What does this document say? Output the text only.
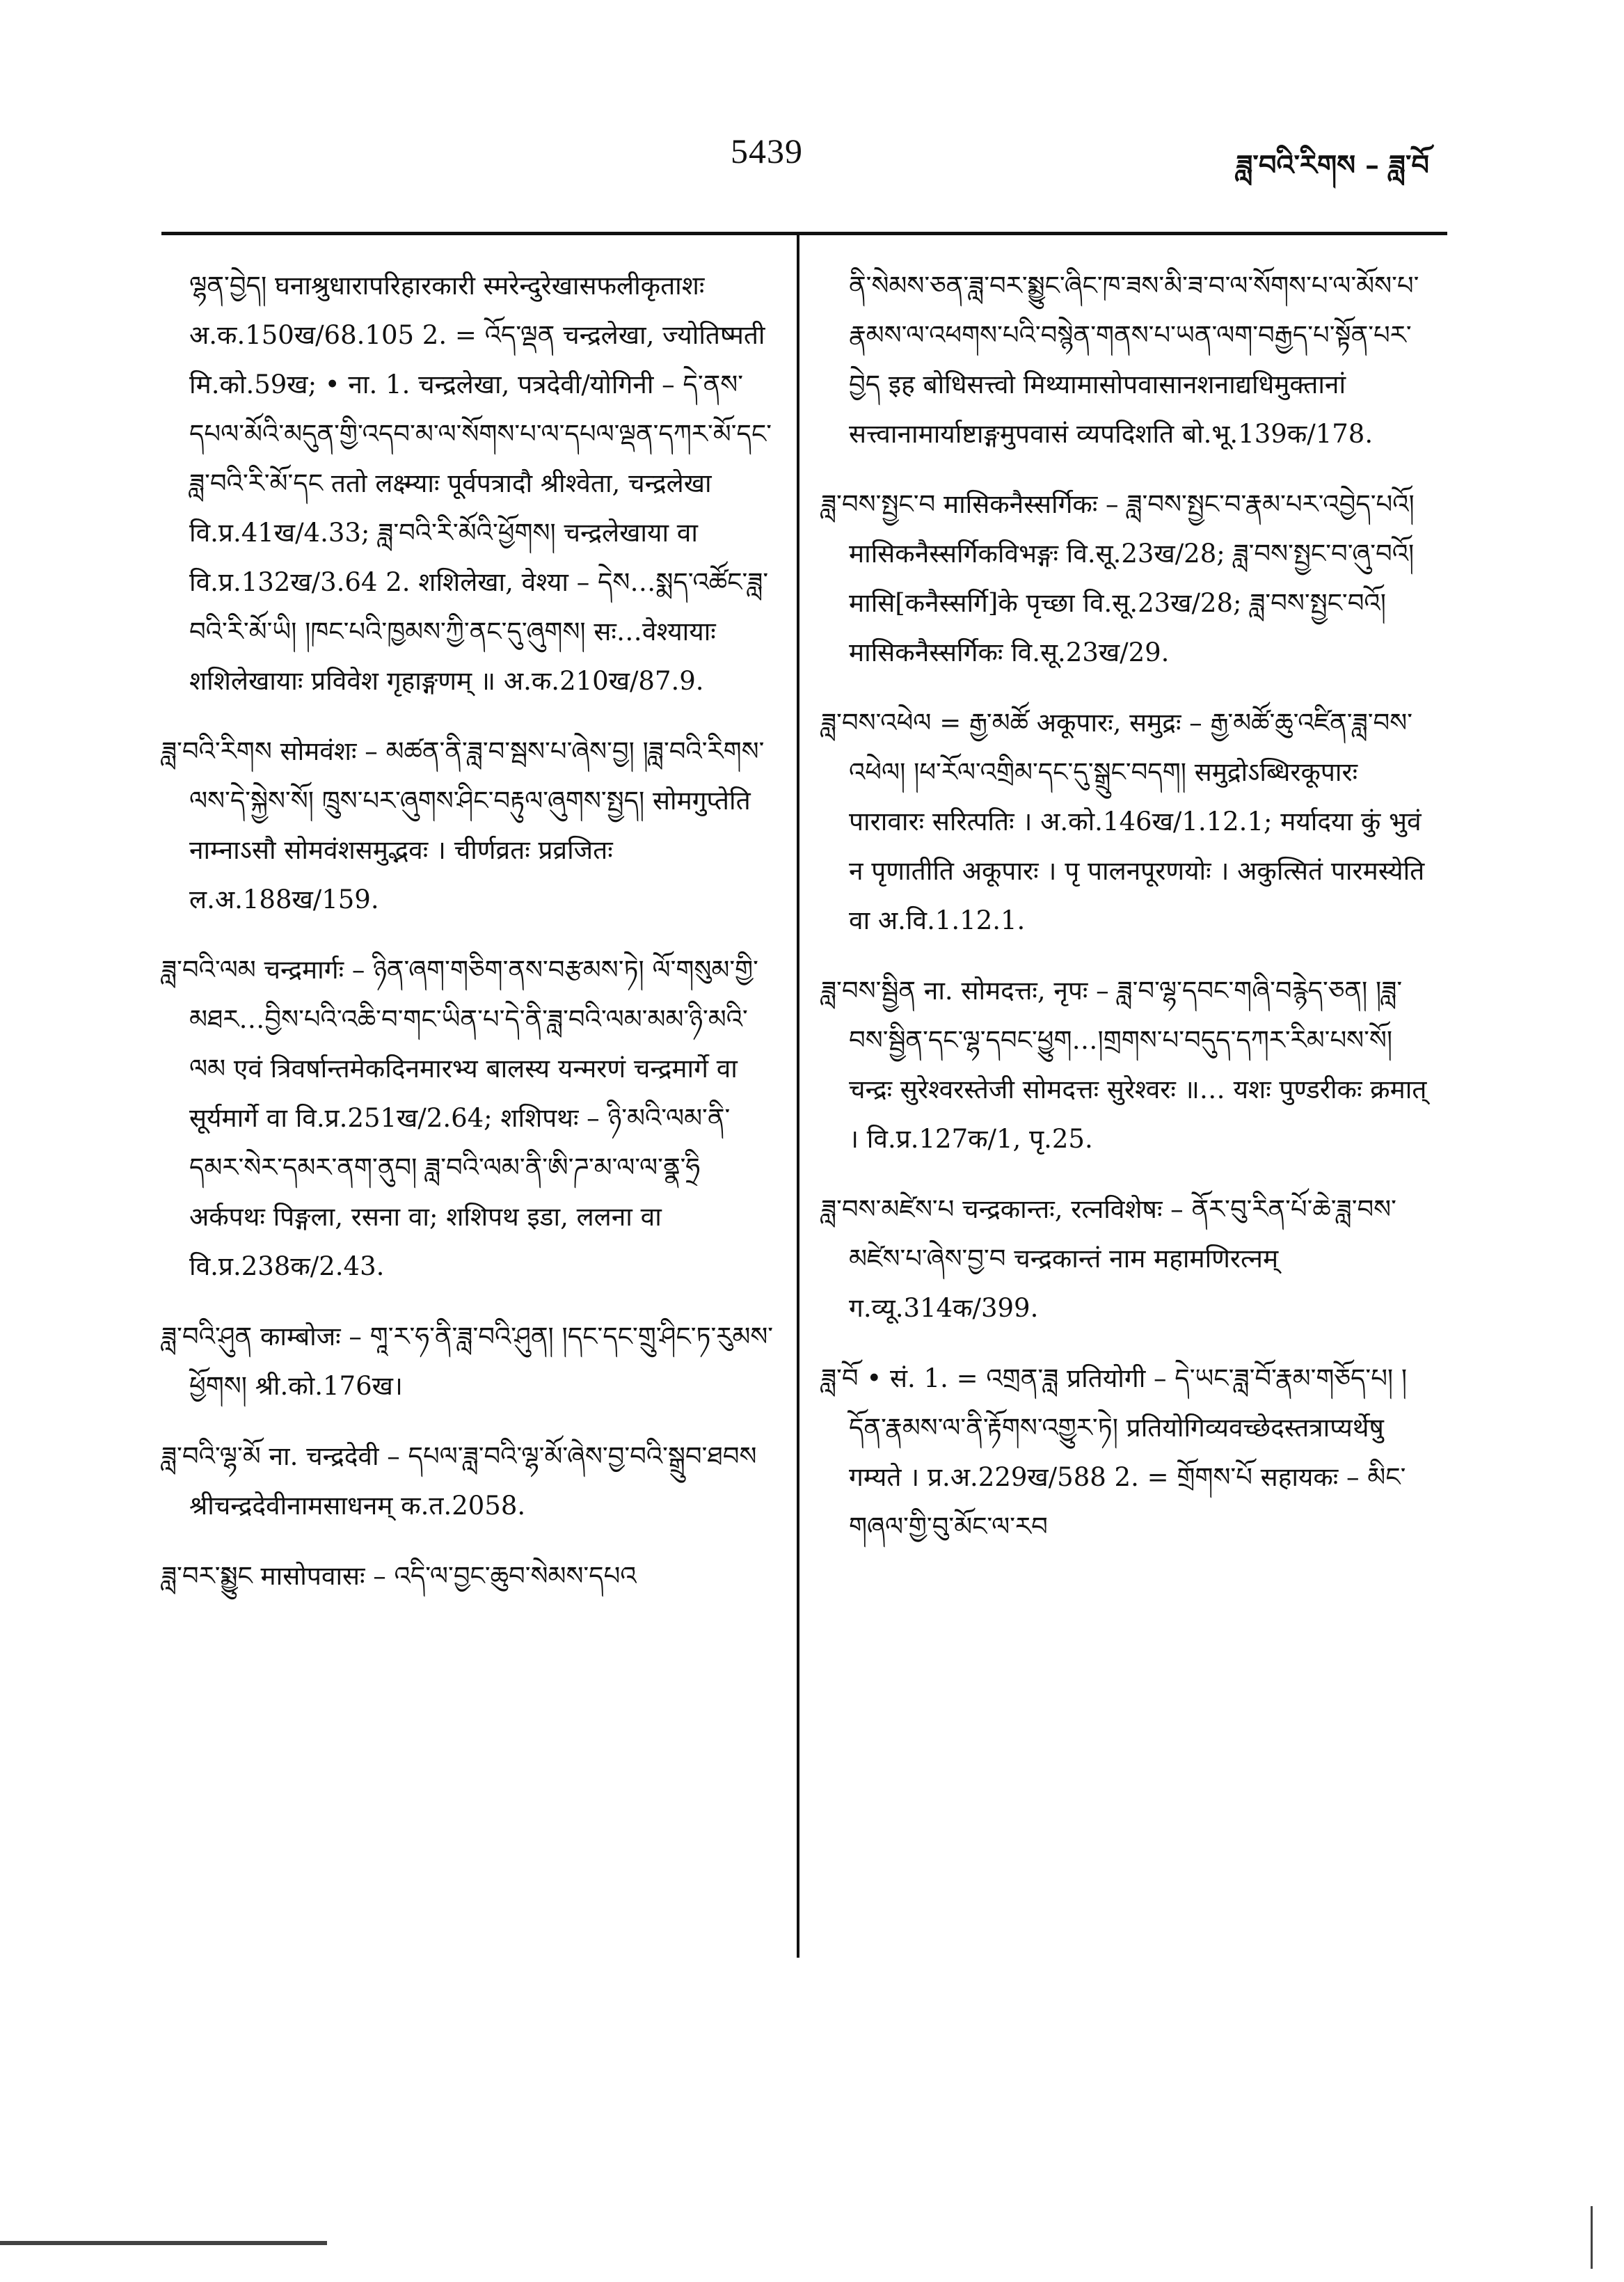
5439	ཟླ་བའི་རིགས – ཟླ་བོ

ལྷན་བྱེད། घनाश्रुधारापरिहारकारी स्मरेन्दुरेखासफलीकृताशः अ.क.150ख/68.105 2. = འོད་ལྡན चन्द्रलेखा, ज्योतिष्मती मि.को.59ख; • ना. 1. चन्द्रलेखा, पत्रदेवी/योगिनी – དེ་ནས་དཔལ་མོའི་མདུན་གྱི་འདབ་མ་ལ་སོགས་པ་ལ་དཔལ་ལྡན་དཀར་མོ་དང་ཟླ་བའི་རི་མོ་དང ततो लक्ष्म्याः पूर्वपत्रादौ श्रीश्वेता, चन्द्रलेखा वि.प्र.41ख/4.33; ཟླ་བའི་རི་མོའི་ཕྱོགས། चन्द्रलेखाया वा वि.प्र.132ख/3.64 2. शशिलेखा, वेश्या – དེས…སྨད་འཚོང་ཟླ་བའི་རི་མོ་ཡི། །ཁང་པའི་ཁྱམས་ཀྱི་ནང་དུ་ཞུགས། सः…वेश्यायाः शशिलेखायाः प्रविवेश गृहाङ्गणम् ॥ अ.क.210ख/87.9.

ཟླ་བའི་རིགས सोमवंशः – མཚན་ནི་ཟླ་བ་སྦས་པ་ཞེས་བྱ། །ཟླ་བའི་རིགས་ལས་དེ་སྐྱེས་སོ། ཁྲུས་པར་ཞུགས་ཤིང་བརྟུལ་ཞུགས་སྤྱད། सोमगुप्तेति नाम्नाऽसौ सोमवंशसमुद्भवः । चीर्णव्रतः प्रव्रजितः ल.अ.188ख/159.

ཟླ་བའི་ལམ चन्द्रमार्गः – ཉིན་ཞག་གཅིག་ནས་བརྩམས་ཏེ། ལོ་གསུམ་གྱི་མཐར…བྱིས་པའི་འཆི་བ་གང་ཡིན་པ་དེ་ནི་ཟླ་བའི་ལམ་མམ་ཉི་མའི་ལམ एवं त्रिवर्षान्तमेकदिनमारभ्य बालस्य यन्मरणं चन्द्रमार्गे वा सूर्यमार्गे वा वि.प्र.251ख/2.64; शशिपथः – ཉི་མའི་ལམ་ནི་དམར་སེར་དམར་ནག་ནུབ། ཟླ་བའི་ལམ་ནི་ཨི་ཌ་མ་ལ་ལ་ནྣ་ཧྲི अर्कपथः पिङ्गला, रसना वा; शशिपथ इडा, ललना वा वि.प्र.238क/2.43.

ཟླ་བའི་ཤུན काम्बोजः – གཱ་ར་ཧ་ནི་ཟླ་བའི་ཤུན། །དང་དང་གྲུ་ཤིང་ཏ་རུམས་ཕྱོགས། श्री.को.176ख।

ཟླ་བའི་ལྷ་མོ ना. चन्द्रदेवी – དཔལ་ཟླ་བའི་ལྷ་མོ་ཞེས་བྱ་བའི་སྒྲུབ་ཐབས श्रीचन्द्रदेवीनामसाधनम् क.त.2058.

ཟླ་བར་སྨྱུང मासोपवासः – འདི་ལ་བྱང་ཆུབ་སེམས་དཔའ

ནི་སེམས་ཅན་ཟླ་བར་སྨྱུང་ཞིང་ཁ་ཟས་མི་ཟ་བ་ལ་སོགས་པ་ལ་མོས་པ་རྣམས་ལ་འཕགས་པའི་བསྙེན་གནས་པ་ཡན་ལག་བརྒྱད་པ་སྟོན་པར་བྱེད इह बोधिसत्त्वो मिथ्यामासोपवासानशनाद्यधिमुक्तानां सत्त्वानामार्याष्टाङ्गमुपवासं व्यपदिशति बो.भू.139क/178.

ཟླ་བས་སྤྱང་བ मासिकनैस्सर्गिकः – ཟླ་བས་སྤྱང་བ་རྣམ་པར་འབྱེད་པའོ། मासिकनैस्सर्गिकविभङ्गः वि.सू.23ख/28; ཟླ་བས་སྤྱང་བ་ཞུ་བའོ། मासि[कनैस्सर्गि]के पृच्छा वि.सू.23ख/28; ཟླ་བས་སྤྱང་བའོ། मासिकनैस्सर्गिकः वि.सू.23ख/29.

ཟླ་བས་འཕེལ = རྒྱ་མཚོ अकूपारः, समुद्रः – རྒྱ་མཚོ་ཆུ་འཛིན་ཟླ་བས་འཕེལ། །ཕ་རོལ་འགྲིམ་དང་དུ་སྒྲུང་བདག། समुद्रोऽब्धिरकूपारः पारावारः सरित्पतिः । अ.को.146ख/1.12.1; मर्यादया कुं भुवं न पृणातीति अकूपारः । पृ पालनपूरणयोः । अकुत्सितं पारमस्येति वा अ.वि.1.12.1.

ཟླ་བས་སྦྱིན ना. सोमदत्तः, नृपः – ཟླ་བ་ལྷ་དབང་གཞི་བརྙེད་ཅན། །ཟླ་བས་སྦྱིན་དང་ལྷ་དབང་ཕྱུག…།གྲགས་པ་བདུད་དཀར་རིམ་པས་སོ། चन्द्रः सुरेश्वरस्तेजी सोमदत्तः सुरेश्वरः ॥… यशः पुण्डरीकः क्रमात् । वि.प्र.127क/1, पृ.25.

ཟླ་བས་མཛེས་པ चन्द्रकान्तः, रत्नविशेषः – ནོར་བུ་རིན་པོ་ཆེ་ཟླ་བས་མཛེས་པ་ཞེས་བྱ་བ चन्द्रकान्तं नाम महामणिरत्नम् ग.व्यू.314क/399.

ཟླ་བོ • सं. 1. = འགྲན་ཟླ प्रतियोगी – དེ་ཡང་ཟླ་བོ་རྣམ་གཅོད་པ། །དོན་རྣམས་ལ་ནི་རྟོགས་འགྱུར་ཏེ། प्रतियोगिव्यवच्छेदस्तत्राप्यर्थेषु गम्यते । प्र.अ.229ख/588 2. = གྲོགས་པོ सहायकः – མིང་གཞལ་གྱི་བུ་མོང་ལ་རབ
